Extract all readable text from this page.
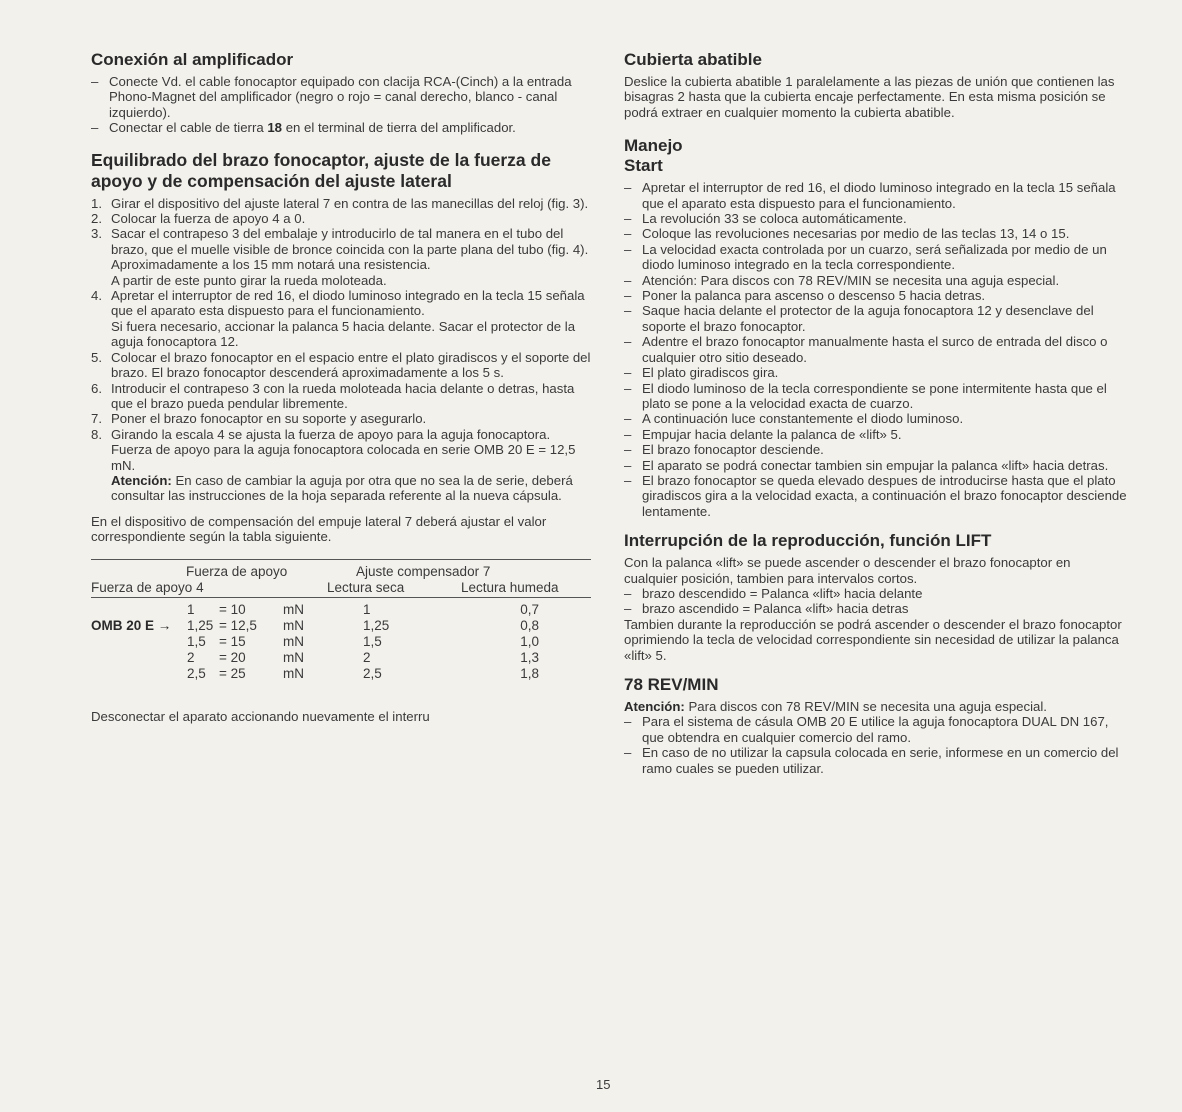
Conexión al amplificador
– Conecte Vd. el cable fonocaptor equipado con clacija RCA-(Cinch) a la entrada Phono-Magnet del amplificador (negro o rojo = canal derecho, blanco - canal izquierdo).
– Conectar el cable de tierra 18 en el terminal de tierra del amplificador.
Equilibrado del brazo fonocaptor, ajuste de la fuerza de apoyo y de compensación del ajuste lateral
1. Girar el dispositivo del ajuste lateral 7 en contra de las manecillas del reloj (fig. 3).
2. Colocar la fuerza de apoyo 4 a 0.
3. Sacar el contrapeso 3 del embalaje y introducirlo de tal manera en el tubo del brazo, que el muelle visible de bronce coincida con la parte plana del tubo (fig. 4).
Aproximadamente a los 15 mm notará una resistencia.
A partir de este punto girar la rueda moloteada.
4. Apretar el interruptor de red 16, el diodo luminoso integrado en la tecla 15 señala que el aparato esta dispuesto para el funcionamiento.
Si fuera necesario, accionar la palanca 5 hacia delante. Sacar el protector de la aguja fonocaptora 12.
5. Colocar el brazo fonocaptor en el espacio entre el plato giradiscos y el soporte del brazo. El brazo fonocaptor descenderá aproximadamente a los 5 s.
6. Introducir el contrapeso 3 con la rueda moloteada hacia delante o detras, hasta que el brazo pueda pendular libremente.
7. Poner el brazo fonocaptor en su soporte y asegurarlo.
8. Girando la escala 4 se ajusta la fuerza de apoyo para la aguja fonocaptora.
Fuerza de apoyo para la aguja fonocaptora colocada en serie OMB 20 E = 12,5 mN.
Atención: En caso de cambiar la aguja por otra que no sea la de serie, deberá consultar las instrucciones de la hoja separada referente al la nueva cápsula.

En el dispositivo de compensación del empuje lateral 7 deberá ajustar el valor correspondiente según la tabla siguiente.

Fuerza de apoyo	Ajuste compensador 7
Fuerza de apoyo 4	Lectura seca	Lectura humeda
OMB 20 E →
1	= 10	mN	1	0,7
1,25 = 12,5	mN	1,25	0,8
1,5 = 15	mN	1,5	1,0
2	= 20	mN	2	1,3
2,5 = 25	mN	2,5	1,8

Desconectar el aparato accionando nuevamente el interru

Cubierta abatible

Deslice la cubierta abatible 1 paralelamente a las piezas de unión que contienen las bisagras 2 hasta que la cubierta encaje perfectamente. En esta misma posición se podrá extraer en cualquier momento la cubierta abatible.

Manejo
Start
– Apretar el interruptor de red 16, el diodo luminoso integrado en la tecla 15 señala que el aparato esta dispuesto para el funcionamiento.
– La revolución 33 se coloca automáticamente.
– Coloque las revoluciones necesarias por medio de las teclas 13, 14 o 15.
– La velocidad exacta controlada por un cuarzo, será señalizada por medio de un diodo luminoso integrado en la tecla correspondiente.
– Atención: Para discos con 78 REV/MIN se necesita una aguja especial.
– Poner la palanca para ascenso o descenso 5 hacia detras.
– Saque hacia delante el protector de la aguja fonocaptora 12 y desenclave del soporte el brazo fonocaptor.
– Adentre el brazo fonocaptor manualmente hasta el surco de entrada del disco o cualquier otro sitio deseado.
– El plato giradiscos gira.
– El diodo luminoso de la tecla correspondiente se pone intermitente hasta que el plato se pone a la velocidad exacta de cuarzo.
– A continuación luce constantemente el diodo luminoso.
– Empujar hacia delante la palanca de «lift» 5.
– El brazo fonocaptor desciende.
– El aparato se podrá conectar tambien sin empujar la palanca «lift» hacia detras.
– El brazo fonocaptor se queda elevado despues de introducirse hasta que el plato giradiscos gira a la velocidad exacta, a continuación el brazo fonocaptor desciende lentamente.
Interrupción de la reproducción, función LIFT

Con la palanca «lift» se puede ascender o descender el brazo fonocaptor en cualquier posición, tambien para intervalos cortos.

– brazo descendido = Palanca «lift» hacia delante
– brazo ascendido = Palanca «lift» hacia detras

Tambien durante la reproducción se podrá ascender o descender el brazo fonocaptor oprimiendo la tecla de velocidad correspondiente sin necesidad de utilizar la palanca «lift» 5.

78 REV/MIN

Atención: Para discos con 78 REV/MIN se necesita una aguja especial.

– Para el sistema de cásula OMB 20 E utilice la aguja fonocaptora DUAL DN 167, que obtendra en cualquier comercio del ramo.
– En caso de no utilizar la capsula colocada en serie, informese en un comercio del ramo cuales se pueden utilizar.
15
